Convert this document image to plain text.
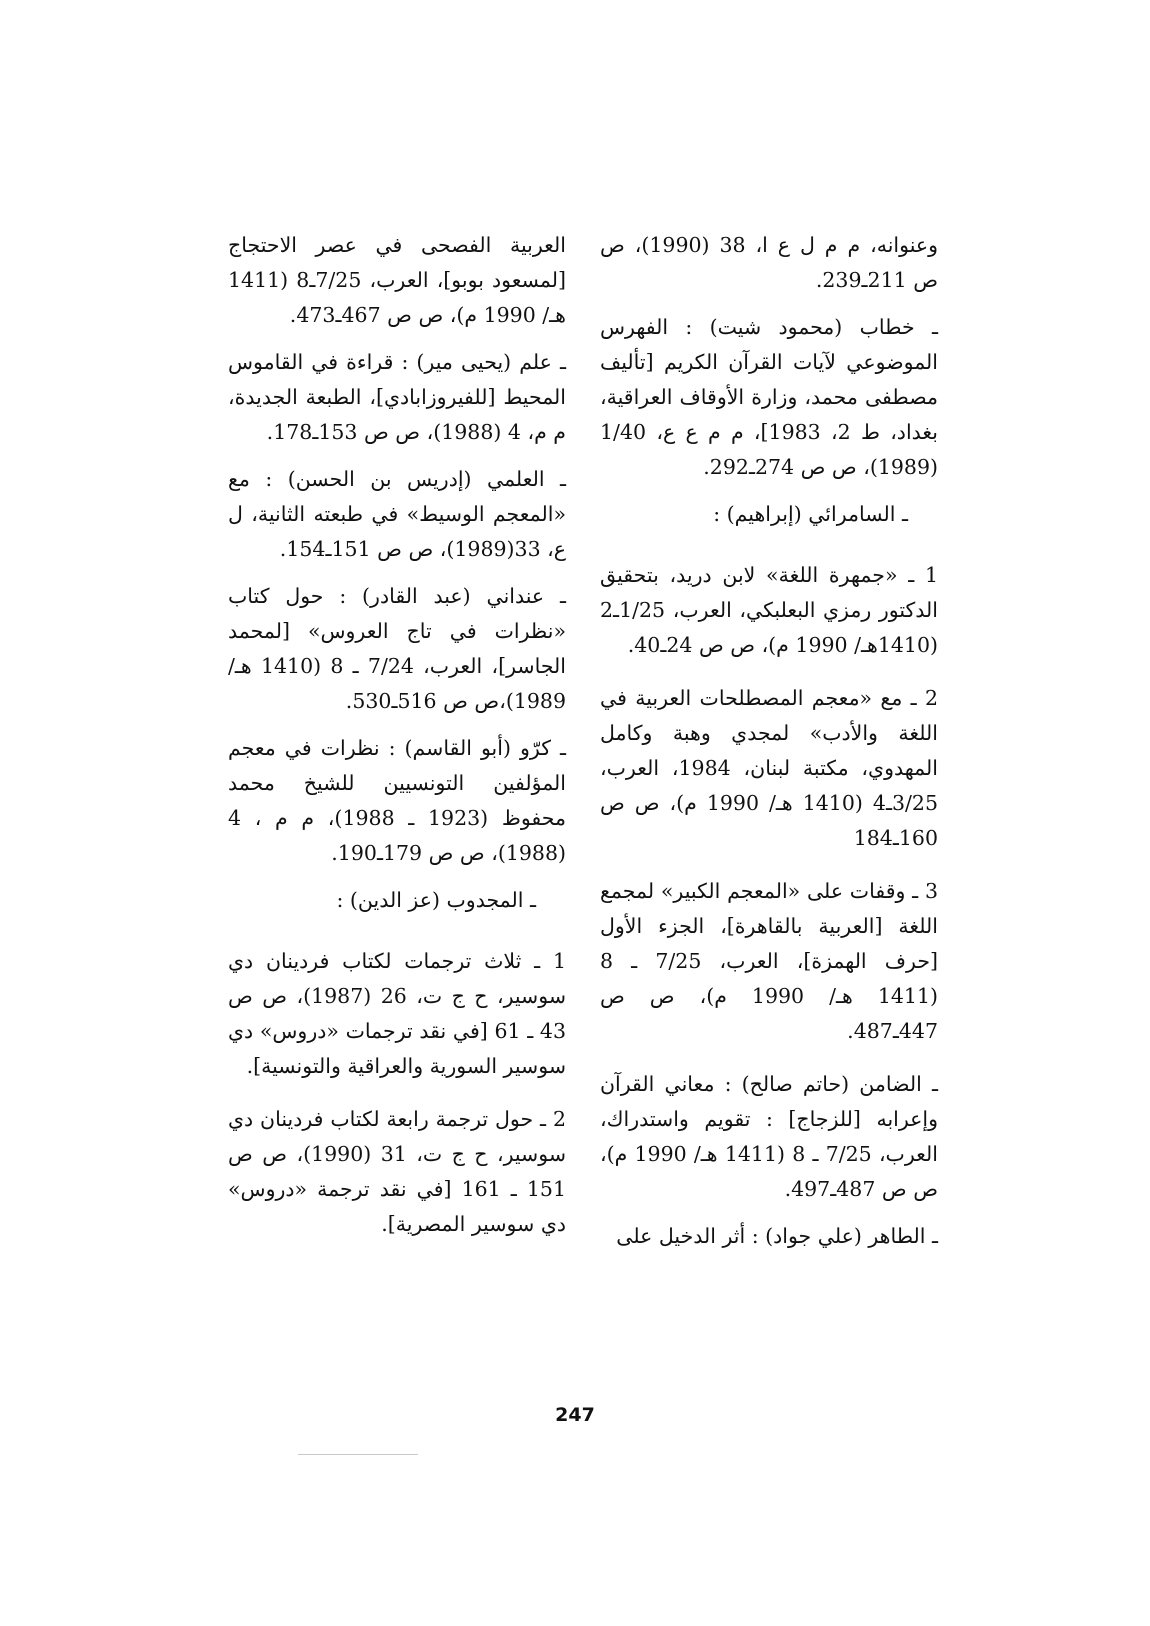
وعنوانه، م م ل ع ا، 38 (1990)، ص ص 211ـ239.

ـ خطاب (محمود شيت) : الفهرس الموضوعي لآيات القرآن الكريم [تأليف مصطفى محمد، وزارة الأوقاف العراقية، بغداد، ط 2، 1983]، م م ع ع، 1/40 (1989)، ص ص 274ـ292.

ـ السامرائي (إبراهيم) :

1 ـ «جمهرة اللغة» لابن دريد، بتحقيق الدكتور رمزي البعلبكي، العرب، 1/25ـ2 (1410هـ/ 1990 م)، ص ص 24ـ40.

2 ـ مع «معجم المصطلحات العربية في اللغة والأدب» لمجدي وهبة وكامل المهدوي، مكتبة لبنان، 1984، العرب، 3/25ـ4 (1410 هـ/ 1990 م)، ص ص 160ـ184

3 ـ وقفات على «المعجم الكبير» لمجمع اللغة [العربية بالقاهرة]، الجزء الأول [حرف الهمزة]، العرب، 7/25 ـ 8 (1411 هـ/ 1990 م)، ص ص 447ـ487.

ـ الضامن (حاتم صالح) : معاني القرآن وإعرابه [للزجاج] : تقويم واستدراك، العرب، 7/25 ـ 8 (1411 هـ/ 1990 م)، ص ص 487ـ497.

ـ الطاهر (علي جواد) : أثر الدخيل على

العربية الفصحى في عصر الاحتجاج [لمسعود بوبو]، العرب، 7/25ـ8 (1411 هـ/ 1990 م)، ص ص 467ـ473.

ـ علم (يحيى مير) : قراءة في القاموس المحيط [للفيروزابادي]، الطبعة الجديدة، م م، 4 (1988)، ص ص 153ـ178.

ـ العلمي (إدريس بن الحسن) : مع «المعجم الوسيط» في طبعته الثانية، ل ع، 33(1989)، ص ص 151ـ154.

ـ عنداني (عبد القادر) : حول كتاب «نظرات في تاج العروس» [لمحمد الجاسر]، العرب، 7/24 ـ 8 (1410 هـ/ 1989)،ص ص 516ـ530.

ـ كرّو (أبو القاسم) : نظرات في معجم المؤلفين التونسيين للشيخ محمد محفوظ (1923 ـ 1988)، م م ، 4 (1988)، ص ص 179ـ190.

ـ المجدوب (عز الدين) :

1 ـ ثلاث ترجمات لكتاب فردينان دي سوسير، ح ج ت، 26 (1987)، ص ص 43 ـ 61 [في نقد ترجمات «دروس» دي سوسير السورية والعراقية والتونسية].

2 ـ حول ترجمة رابعة لكتاب فردينان دي سوسير، ح ج ت، 31 (1990)، ص ص 151 ـ 161 [في نقد ترجمة «دروس» دي سوسير المصرية].

247
